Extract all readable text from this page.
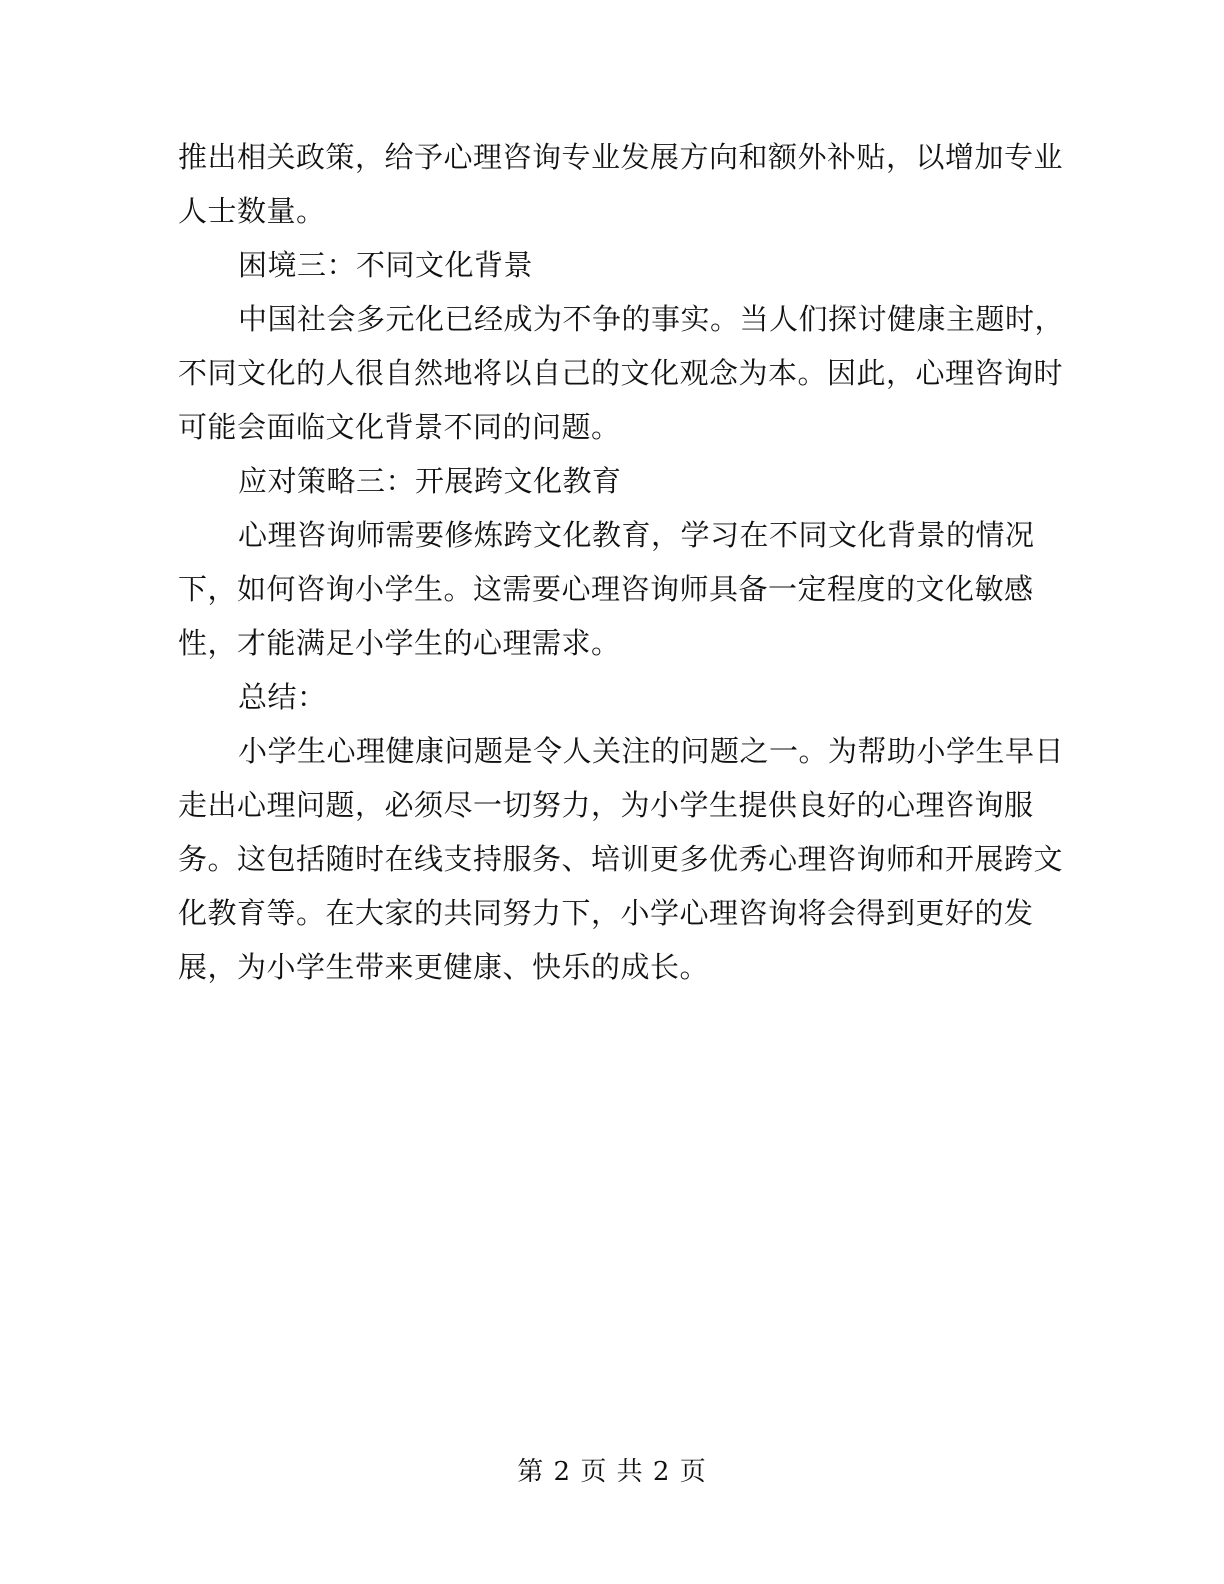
推出相关政策，给予心理咨询专业发展方向和额外补贴，以增加专业
人士数量。
困境三：不同文化背景
中国社会多元化已经成为不争的事实。当人们探讨健康主题时，
不同文化的人很自然地将以自己的文化观念为本。因此，心理咨询时
可能会面临文化背景不同的问题。
应对策略三：开展跨文化教育
心理咨询师需要修炼跨文化教育，学习在不同文化背景的情况
下，如何咨询小学生。这需要心理咨询师具备一定程度的文化敏感
性，才能满足小学生的心理需求。
总结：
小学生心理健康问题是令人关注的问题之一。为帮助小学生早日
走出心理问题，必须尽一切努力，为小学生提供良好的心理咨询服
务。这包括随时在线支持服务、培训更多优秀心理咨询师和开展跨文
化教育等。在大家的共同努力下，小学心理咨询将会得到更好的发
展，为小学生带来更健康、快乐的成长。
第 2 页 共 2 页
